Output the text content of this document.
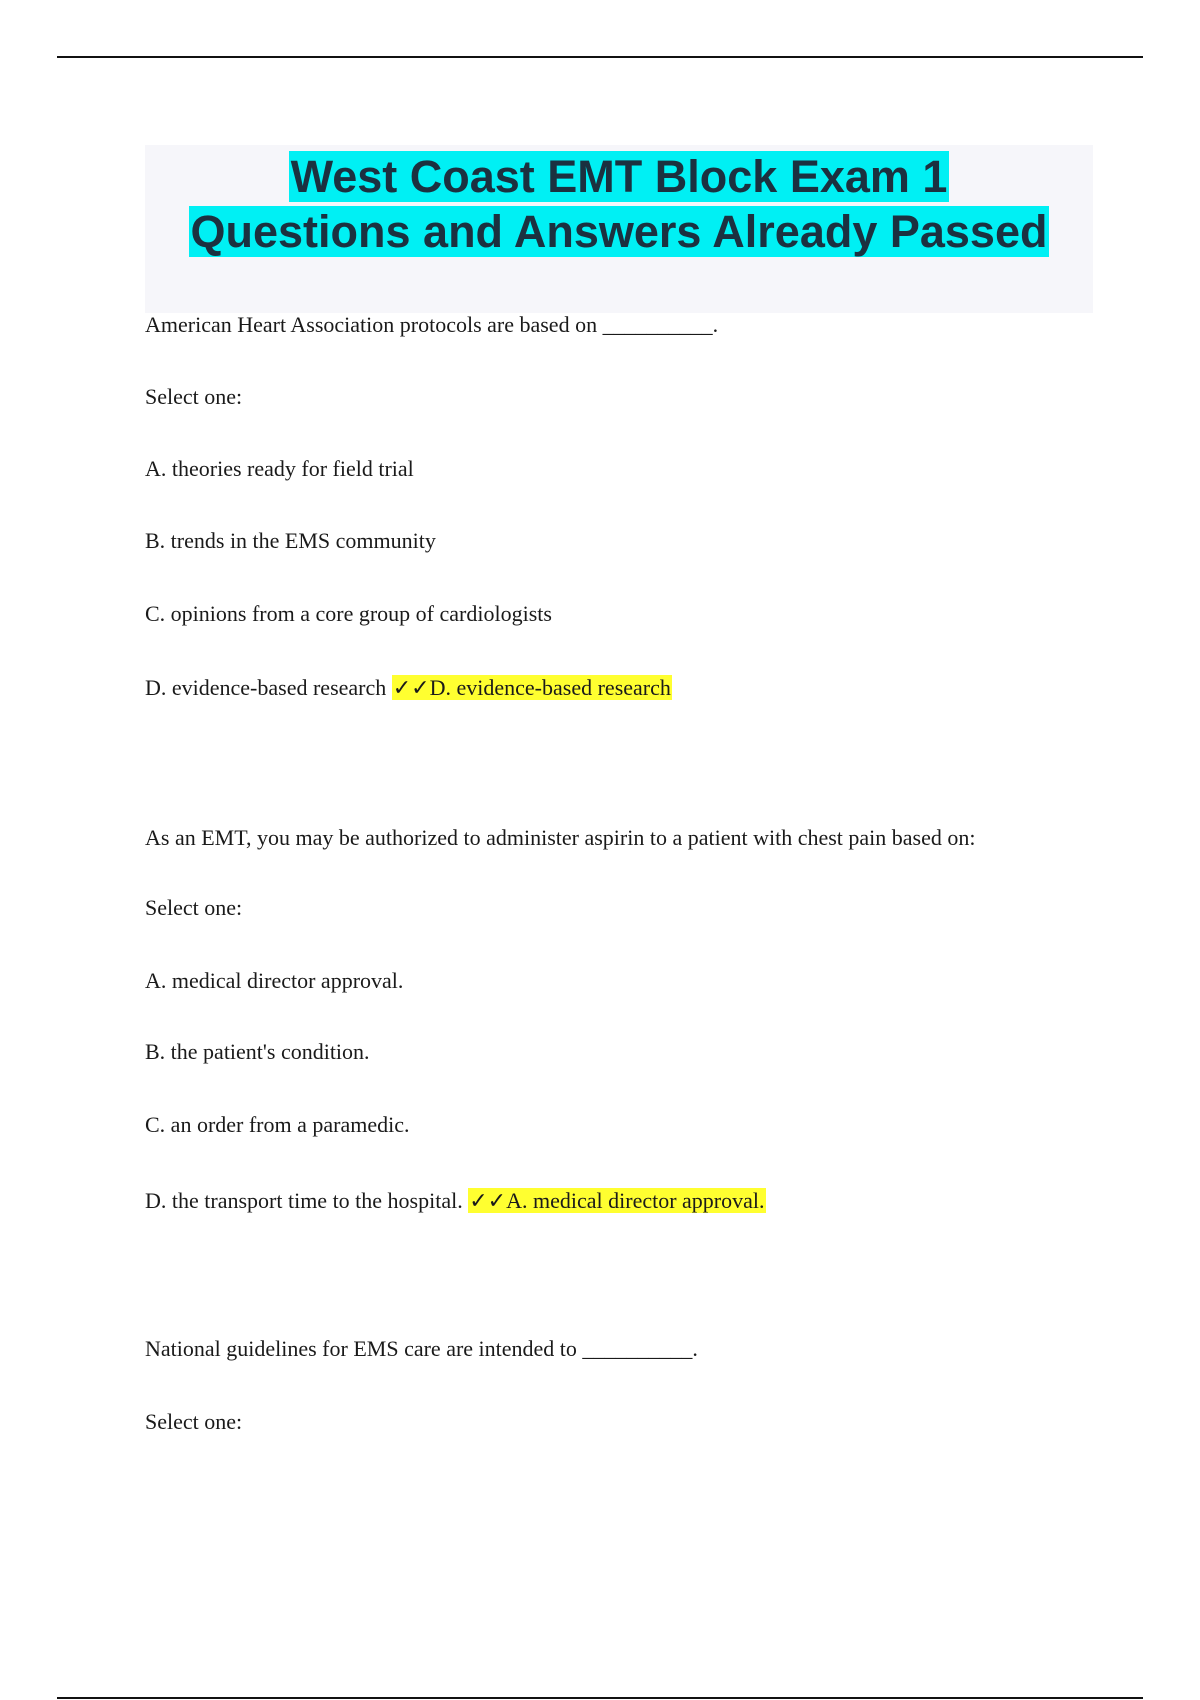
West Coast EMT Block Exam 1
Questions and Answers Already Passed
American Heart Association protocols are based on __________.
Select one:
A. theories ready for field trial
B. trends in the EMS community
C. opinions from a core group of cardiologists
D. evidence-based research ✓✓D. evidence-based research
As an EMT, you may be authorized to administer aspirin to a patient with chest pain based on:
Select one:
A. medical director approval.
B. the patient's condition.
C. an order from a paramedic.
D. the transport time to the hospital. ✓✓A. medical director approval.
National guidelines for EMS care are intended to __________.
Select one:
